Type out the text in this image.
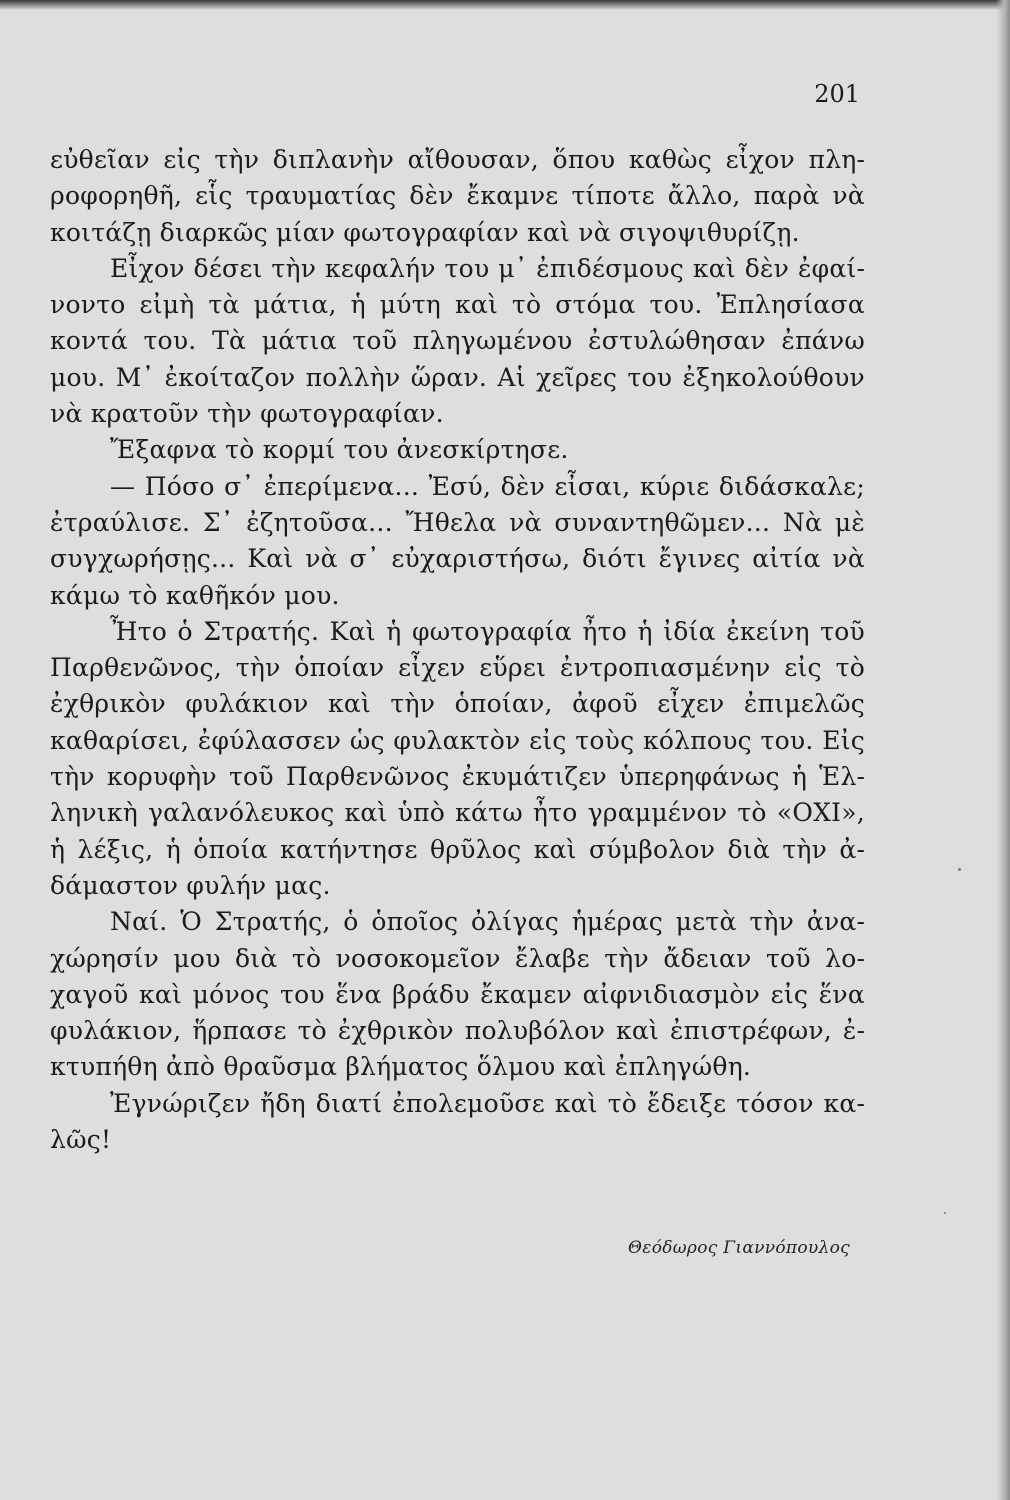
201

εὐθεῖαν εἰς τὴν διπλανὴν αἴθουσαν, ὅπου καθὼς εἶχον πληροφορηθῆ, εἷς τραυματίας δὲν ἔκαμνε τίποτε ἄλλο, παρὰ νὰ κοιτάζῃ διαρκῶς μίαν φωτογραφίαν καὶ νὰ σιγοψιθυρίζῃ.

Εἶχον δέσει τὴν κεφαλήν του μ᾿ ἐπιδέσμους καὶ δὲν ἐφαίνοντο εἰμὴ τὰ μάτια, ἡ μύτη καὶ τὸ στόμα του. Ἐπλησίασα κοντά του. Τὰ μάτια τοῦ πληγωμένου ἐστυλώθησαν ἐπάνω μου. Μ᾿ ἐκοίταζον πολλὴν ὥραν. Αἱ χεῖρες του ἐξηκολούθουν νὰ κρατοῦν τὴν φωτογραφίαν.

Ἔξαφνα τὸ κορμί του ἀνεσκίρτησε.

— Πόσο σ᾿ ἐπερίμενα... Ἐσύ, δὲν εἶσαι, κύριε διδάσκαλε; ἐτραύλισε. Σ᾿ ἐζητοῦσα... Ἤθελα νὰ συναντηθῶμεν... Νὰ μὲ συγχωρήσῃς... Καὶ νὰ σ᾿ εὐχαριστήσω, διότι ἔγινες αἰτία νὰ κάμω τὸ καθῆκόν μου.

Ἦτο ὁ Στρατής. Καὶ ἡ φωτογραφία ἦτο ἡ ἰδία ἐκείνη τοῦ Παρθενῶνος, τὴν ὁποίαν εἶχεν εὕρει ἐντροπιασμένην εἰς τὸ ἐχθρικὸν φυλάκιον καὶ τὴν ὁποίαν, ἀφοῦ εἶχεν ἐπιμελῶς καθαρίσει, ἐφύλασσεν ὡς φυλακτὸν εἰς τοὺς κόλπους του. Εἰς τὴν κορυφὴν τοῦ Παρθενῶνος ἐκυμάτιζεν ὑπερηφάνως ἡ Ἑλληνικὴ γαλανόλευκος καὶ ὑπὸ κάτω ἦτο γραμμένον τὸ «ΟΧΙ», ἡ λέξις, ἡ ὁποία κατήντησε θρῦλος καὶ σύμβολον διὰ τὴν ἀδάμαστον φυλήν μας.

Ναί. Ὁ Στρατής, ὁ ὁποῖος ὀλίγας ἡμέρας μετὰ τὴν ἀναχώρησίν μου διὰ τὸ νοσοκομεῖον ἔλαβε τὴν ἄδειαν τοῦ λοχαγοῦ καὶ μόνος του ἕνα βράδυ ἔκαμεν αἰφνιδιασμὸν εἰς ἕνα φυλάκιον, ἥρπασε τὸ ἐχθρικὸν πολυβόλον καὶ ἐπιστρέφων, ἐκτυπήθη ἀπὸ θραῦσμα βλήματος ὅλμου καὶ ἐπληγώθη.

Ἐγνώριζεν ἤδη διατί ἐπολεμοῦσε καὶ τὸ ἔδειξε τόσον καλῶς!

Θεόδωρος Γιαννόπουλος
